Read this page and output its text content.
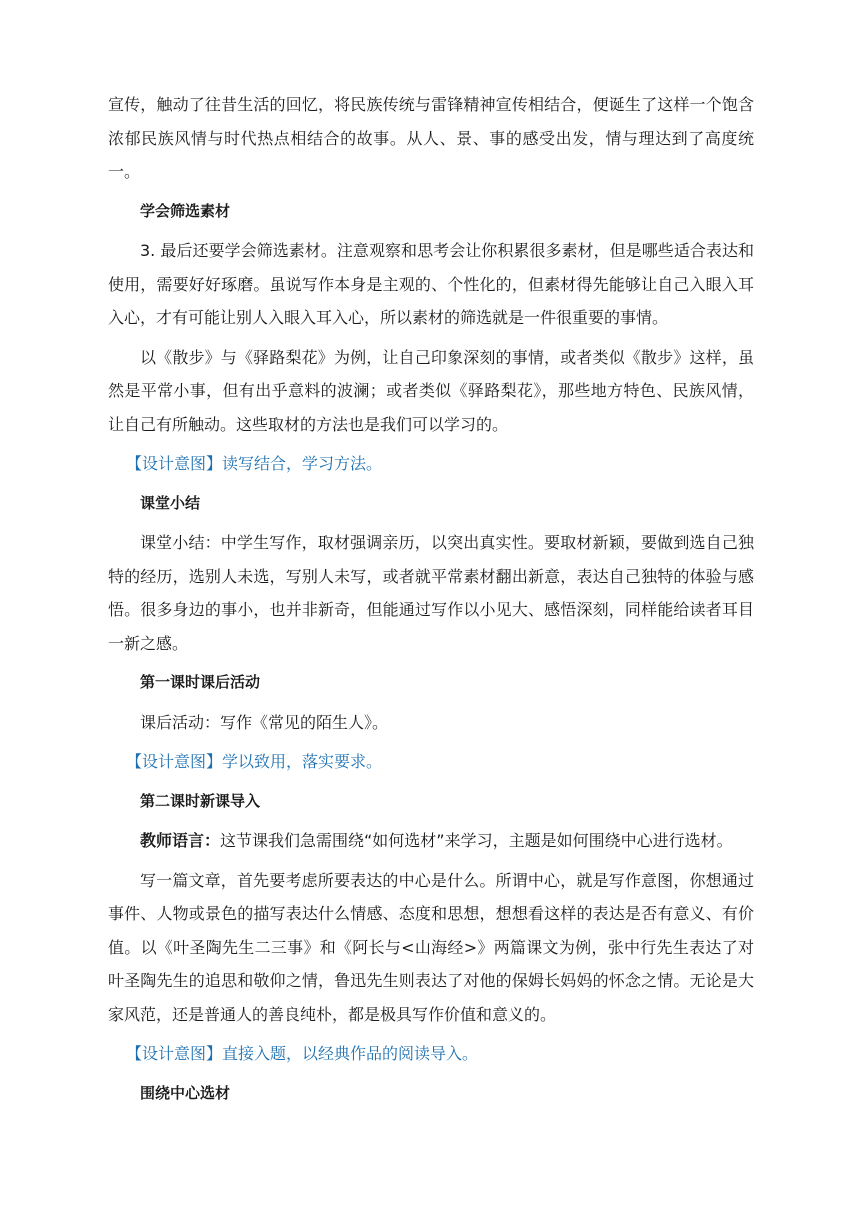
宣传，触动了往昔生活的回忆，将民族传统与雷锋精神宣传相结合，便诞生了这样一个饱含浓郁民族风情与时代热点相结合的故事。从人、景、事的感受出发，情与理达到了高度统一。

学会筛选素材

3. 最后还要学会筛选素材。注意观察和思考会让你积累很多素材，但是哪些适合表达和使用，需要好好琢磨。虽说写作本身是主观的、个性化的，但素材得先能够让自己入眼入耳入心，才有可能让别人入眼入耳入心，所以素材的筛选就是一件很重要的事情。

以《散步》与《驿路梨花》为例，让自己印象深刻的事情，或者类似《散步》这样，虽然是平常小事，但有出乎意料的波澜；或者类似《驿路梨花》，那些地方特色、民族风情，让自己有所触动。这些取材的方法也是我们可以学习的。

【设计意图】读写结合，学习方法。

课堂小结

课堂小结：中学生写作，取材强调亲历，以突出真实性。要取材新颖，要做到选自己独特的经历，选别人未选，写别人未写，或者就平常素材翻出新意，表达自己独特的体验与感悟。很多身边的事小，也并非新奇，但能通过写作以小见大、感悟深刻，同样能给读者耳目一新之感。

第一课时课后活动

课后活动：写作《常见的陌生人》。

【设计意图】学以致用，落实要求。

第二课时新课导入

教师语言：这节课我们急需围绕“如何选材”来学习，主题是如何围绕中心进行选材。

写一篇文章，首先要考虑所要表达的中心是什么。所谓中心，就是写作意图，你想通过事件、人物或景色的描写表达什么情感、态度和思想，想想看这样的表达是否有意义、有价值。以《叶圣陶先生二三事》和《阿长与<山海经>》两篇课文为例，张中行先生表达了对叶圣陶先生的追思和敬仰之情，鲁迅先生则表达了对他的保姆长妈妈的怀念之情。无论是大家风范，还是普通人的善良纯朴，都是极具写作价值和意义的。

【设计意图】直接入题，以经典作品的阅读导入。

围绕中心选材
